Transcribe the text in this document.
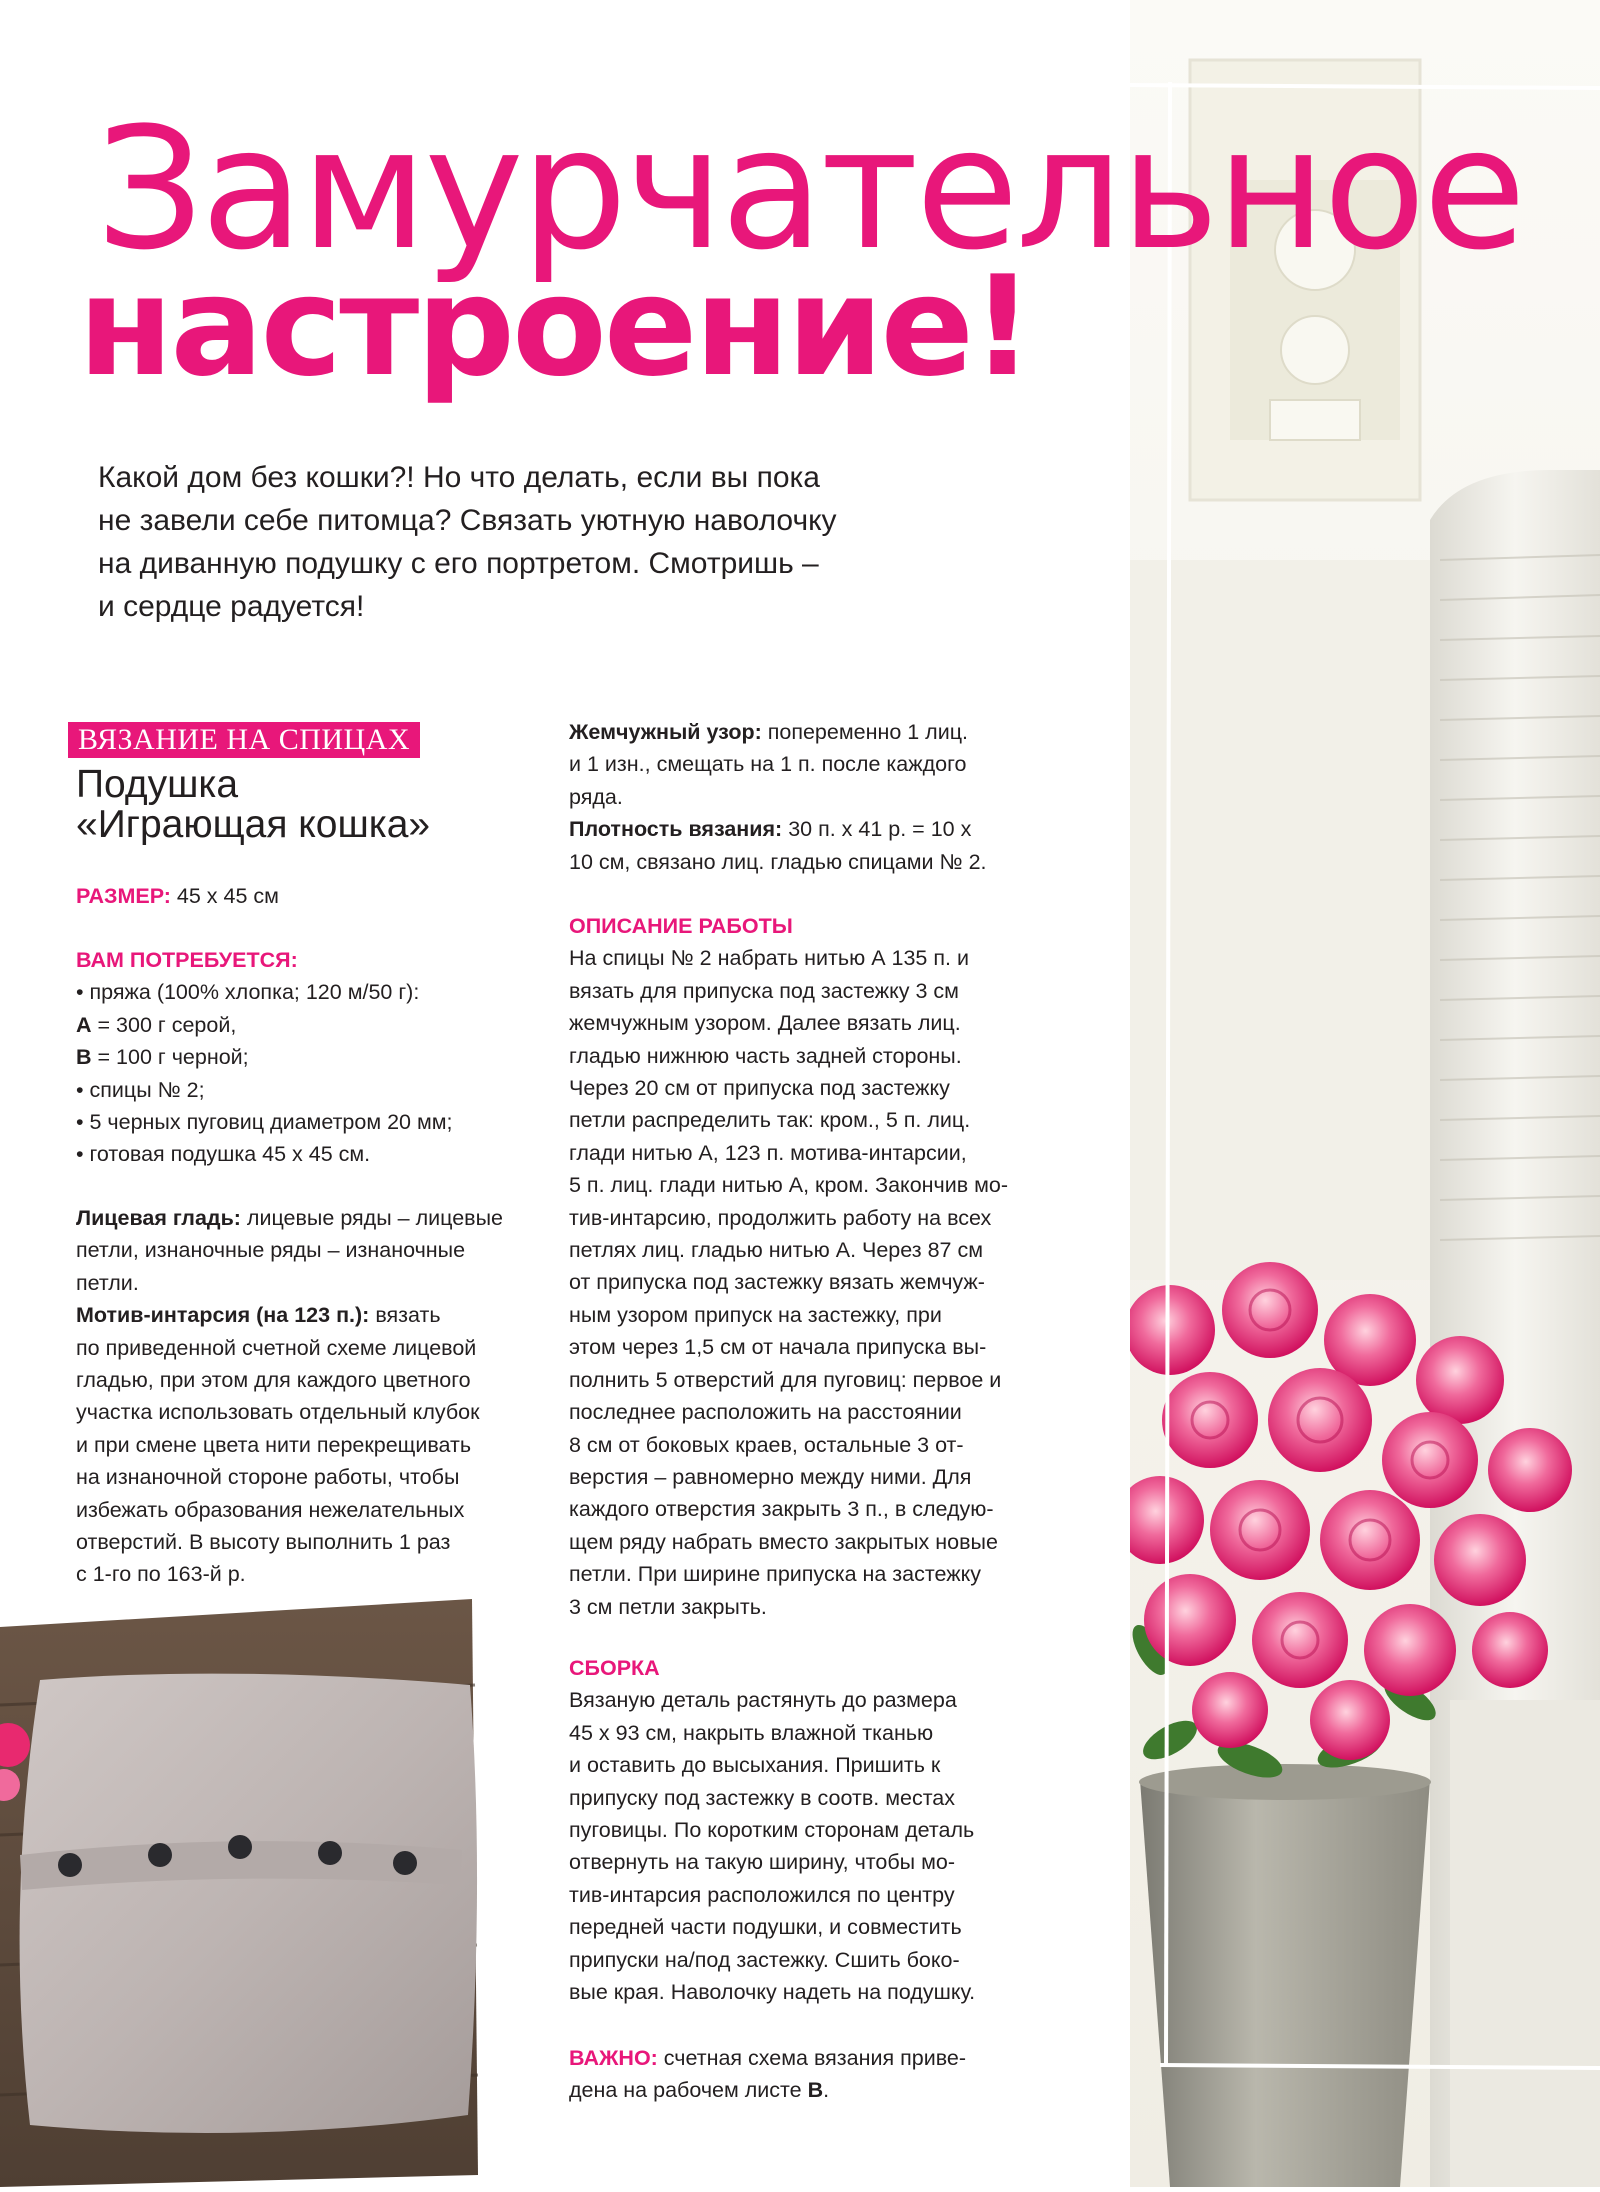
Замурчательное
настроение!
Какой дом без кошки?! Но что делать, если вы пока
не завели себе питомца? Связать уютную наволочку
на диванную подушку с его портретом. Смотришь –
и сердце радуется!
ВЯЗАНИЕ НА СПИЦАХ
Подушка
«Играющая кошка»
РАЗМЕР: 45 х 45 см
ВАМ ПОТРЕБУЕТСЯ:
• пряжа (100% хлопка; 120 м/50 г):
А = 300 г серой,
В = 100 г черной;
• спицы № 2;
• 5 черных пуговиц диаметром 20 мм;
• готовая подушка 45 х 45 см.
Лицевая гладь: лицевые ряды – лицевые
петли, изнаночные ряды – изнаночные
петли.
Мотив-интарсия (на 123 п.): вязать
по приведенной счетной схеме лицевой
гладью, при этом для каждого цветного
участка использовать отдельный клубок
и при смене цвета нити перекрещивать
на изнаночной стороне работы, чтобы
избежать образования нежелательных
отверстий. В высоту выполнить 1 раз
с 1-го по 163-й р.
Жемчужный узор: попеременно 1 лиц.
и 1 изн., смещать на 1 п. после каждого
ряда.
Плотность вязания: 30 п. х 41 р. = 10 х
10 см, связано лиц. гладью спицами № 2.
ОПИСАНИЕ РАБОТЫ
На спицы № 2 набрать нитью А 135 п. и
вязать для припуска под застежку 3 см
жемчужным узором. Далее вязать лиц.
гладью нижнюю часть задней стороны.
Через 20 см от припуска под застежку
петли распределить так: кром., 5 п. лиц.
глади нитью А, 123 п. мотива-интарсии,
5 п. лиц. глади нитью А, кром. Закончив мо-
тив-интарсию, продолжить работу на всех
петлях лиц. гладью нитью А. Через 87 см
от припуска под застежку вязать жемчуж-
ным узором припуск на застежку, при
этом через 1,5 см от начала припуска вы-
полнить 5 отверстий для пуговиц: первое и
последнее расположить на расстоянии
8 см от боковых краев, остальные 3 от-
верстия – равномерно между ними. Для
каждого отверстия закрыть 3 п., в следую-
щем ряду набрать вместо закрытых новые
петли. При ширине припуска на застежку
3 см петли закрыть.
СБОРКА
Вязаную деталь растянуть до размера
45 х 93 см, накрыть влажной тканью
и оставить до высыхания. Пришить к
припуску под застежку в соотв. местах
пуговицы. По коротким сторонам деталь
отвернуть на такую ширину, чтобы мо-
тив-интарсия расположился по центру
передней части подушки, и совместить
припуски на/под застежку. Сшить боко-
вые края. Наволочку надеть на подушку.
ВАЖНО: счетная схема вязания приве-
дена на рабочем листе В.
